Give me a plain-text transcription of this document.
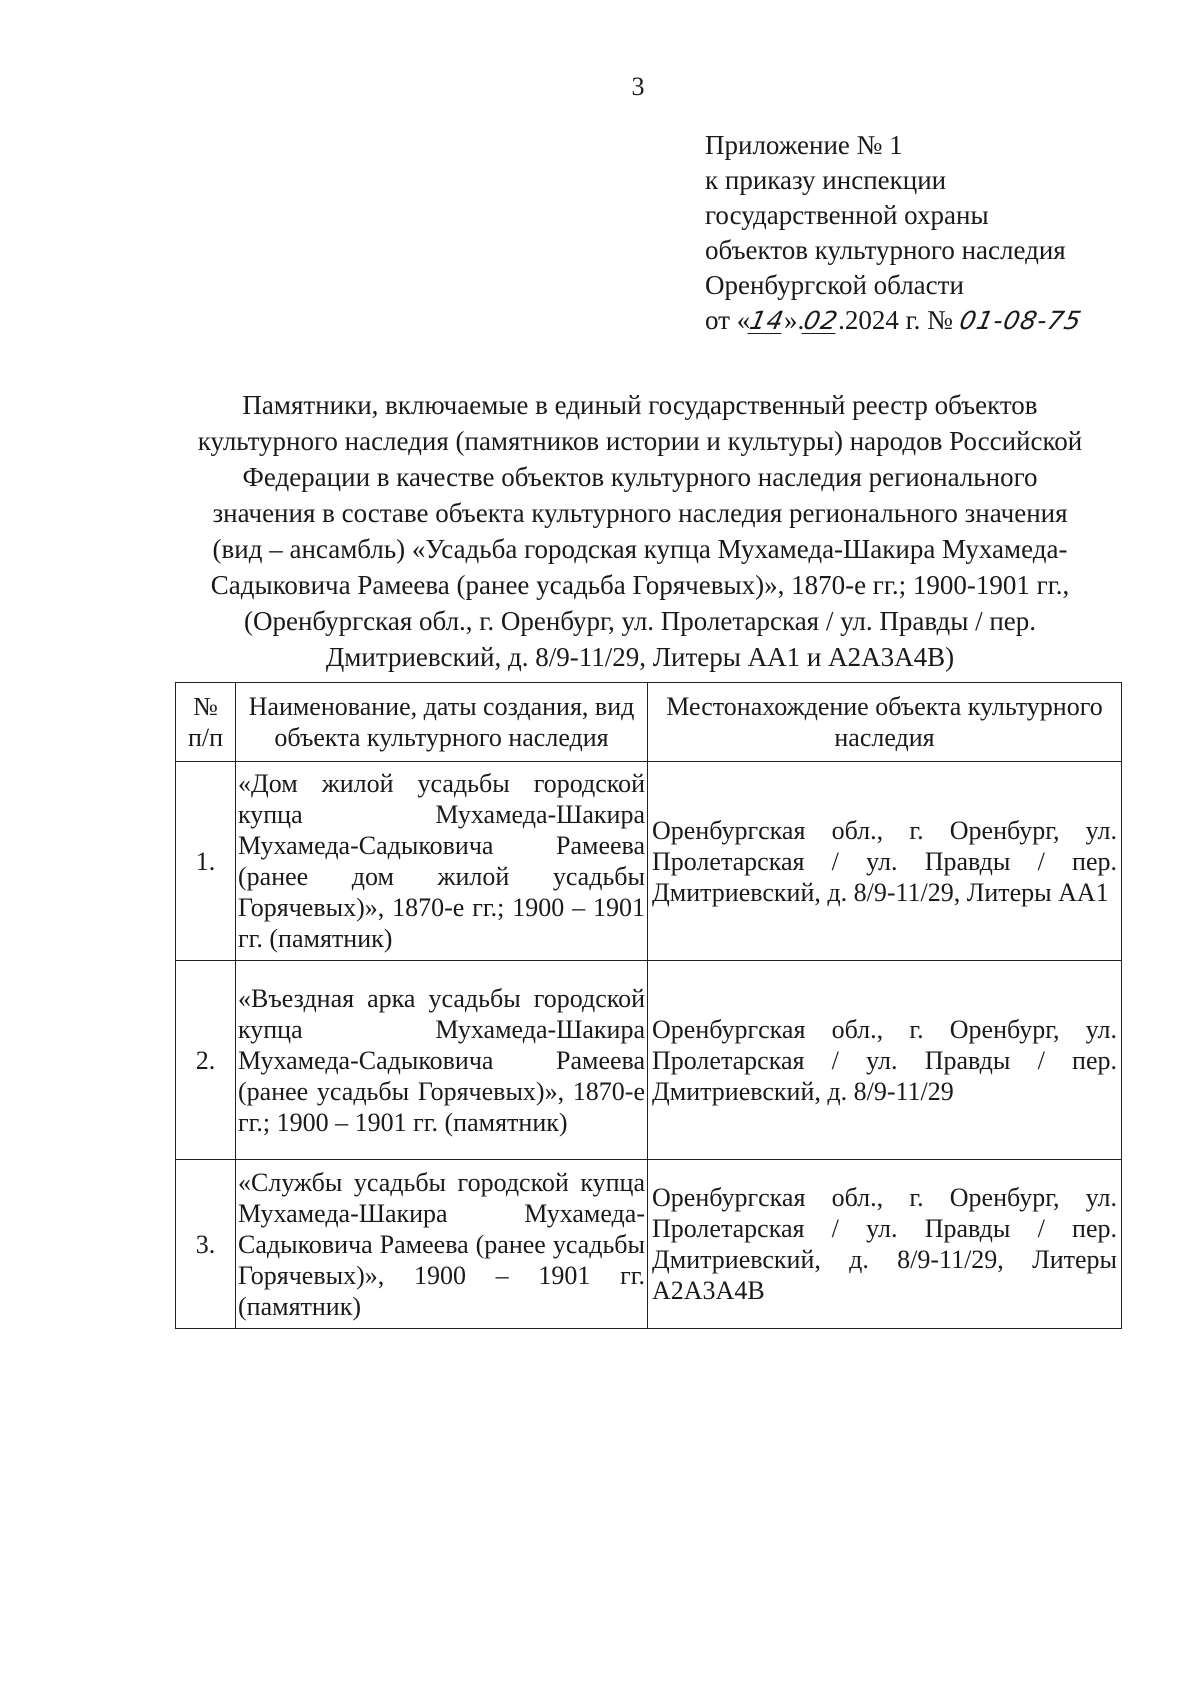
3
Приложение № 1
к приказу инспекции
государственной охраны
объектов культурного наследия
Оренбургской области
от «14».02.2024 г. № 01-08-75
Памятники, включаемые в единый государственный реестр объектов
культурного наследия (памятников истории и культуры) народов Российской
Федерации в качестве объектов культурного наследия регионального
значения в составе объекта культурного наследия регионального значения
(вид – ансамбль) «Усадьба городская купца Мухамеда-Шакира Мухамеда-
Садыковича Рамеева (ранее усадьба Горячевых)», 1870-е гг.; 1900-1901 гг.,
(Оренбургская обл., г. Оренбург, ул. Пролетарская / ул. Правды / пер.
Дмитриевский, д. 8/9-11/29, Литеры АА1 и А2А3А4В)
№ п/п	Наименование, даты создания, вид объекта культурного наследия	Местонахождение объекта культурного наследия
1.	«Дом жилой усадьбы городской купца Мухамеда-Шакира Мухамеда-Садыковича Рамеева (ранее дом жилой усадьбы Горячевых)», 1870-е гг.; 1900 – 1901 гг. (памятник)	Оренбургская обл., г. Оренбург, ул. Пролетарская / ул. Правды / пер. Дмитриевский, д. 8/9-11/29, Литеры АА1
2.	«Въездная арка усадьбы городской купца Мухамеда-Шакира Мухамеда-Садыковича Рамеева (ранее усадьбы Горячевых)», 1870-е гг.; 1900 – 1901 гг. (памятник)	Оренбургская обл., г. Оренбург, ул. Пролетарская / ул. Правды / пер. Дмитриевский, д. 8/9-11/29
3.	«Службы усадьбы городской купца Мухамеда-Шакира Мухамеда-Садыковича Рамеева (ранее усадьбы Горячевых)», 1900 – 1901 гг. (памятник)	Оренбургская обл., г. Оренбург, ул. Пролетарская / ул. Правды / пер. Дмитриевский, д. 8/9-11/29, Литеры А2А3А4В
